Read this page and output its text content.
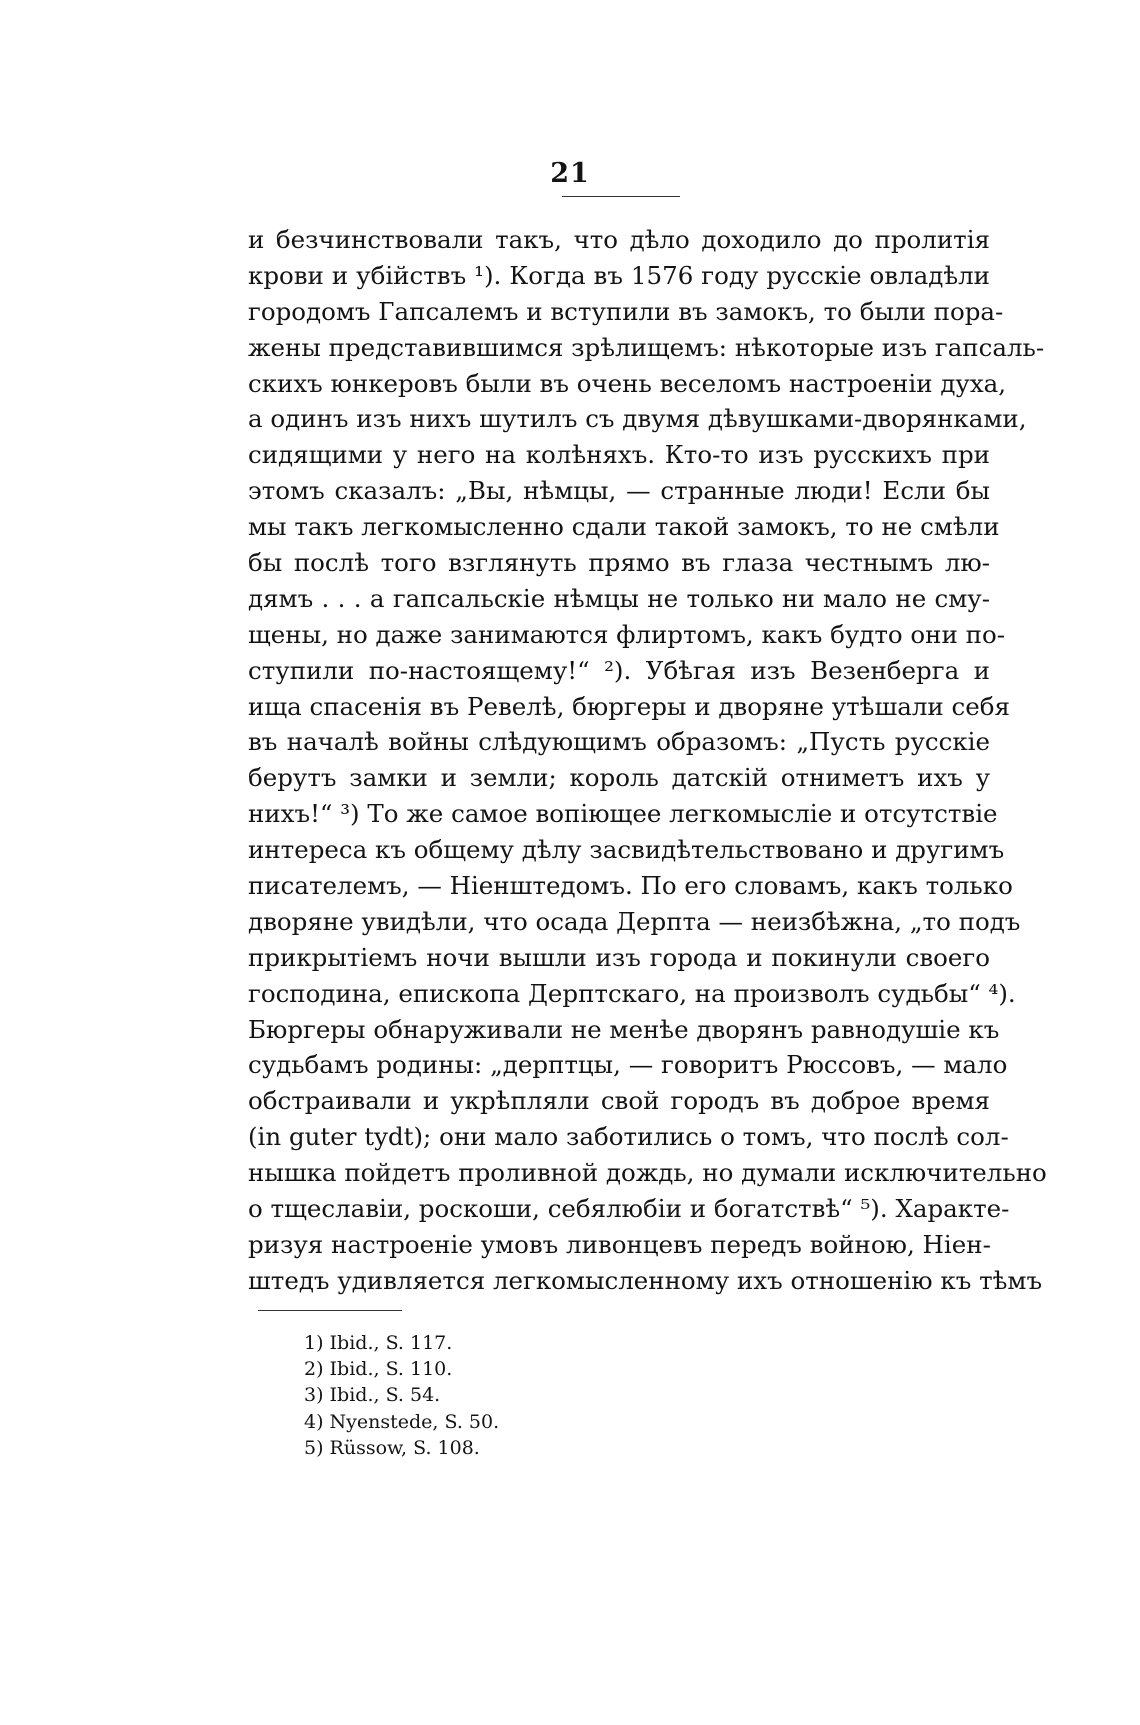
21
и безчинствовали такъ, что дѣло доходило до пролитія
крови и убійствъ ¹). Когда въ 1576 году русскіе овладѣли
городомъ Гапсалемъ и вступили въ замокъ, то были пора-
жены представившимся зрѣлищемъ: нѣкоторые изъ гапсаль-
скихъ юнкеровъ были въ очень веселомъ настроеніи духа,
а одинъ изъ нихъ шутилъ съ двумя дѣвушками-дворянками,
сидящими у него на колѣняхъ. Кто-то изъ русскихъ при
этомъ сказалъ: „Вы, нѣмцы, — странные люди! Если бы
мы такъ легкомысленно сдали такой замокъ, то не смѣли
бы послѣ того взглянуть прямо въ глаза честнымъ лю-
дямъ . . . а гапсальскіе нѣмцы не только ни мало не сму-
щены, но даже занимаются флиртомъ, какъ будто они по-
ступили по-настоящему!“ ²). Убѣгая изъ Везенберга и
ища спасенія въ Ревелѣ, бюргеры и дворяне утѣшали себя
въ началѣ войны слѣдующимъ образомъ: „Пусть русскіе
берутъ замки и земли; король датскій отниметъ ихъ у
нихъ!“ ³) То же самое вопіющее легкомысліе и отсутствіе
интереса къ общему дѣлу засвидѣтельствовано и другимъ
писателемъ, — Ніенштедомъ. По его словамъ, какъ только
дворяне увидѣли, что осада Дерпта — неизбѣжна, „то подъ
прикрытіемъ ночи вышли изъ города и покинули своего
господина, епископа Дерптскаго, на произволъ судьбы“ ⁴).
Бюргеры обнаруживали не менѣе дворянъ равнодушіе къ
судьбамъ родины: „дерптцы, — говоритъ Рюссовъ, — мало
обстраивали и укрѣпляли свой городъ въ доброе время
(in guter tydt); они мало заботились о томъ, что послѣ сол-
нышка пойдетъ проливной дождь, но думали исключительно
о тщеславіи, роскоши, себялюбіи и богатствѣ“ ⁵). Характе-
ризуя настроеніе умовъ ливонцевъ передъ войною, Ніен-
штедъ удивляется легкомысленному ихъ отношенію къ тѣмъ
1) Ibid., S. 117.
2) Ibid., S. 110.
3) Ibid., S. 54.
4) Nyenstede, S. 50.
5) Rüssow, S. 108.
